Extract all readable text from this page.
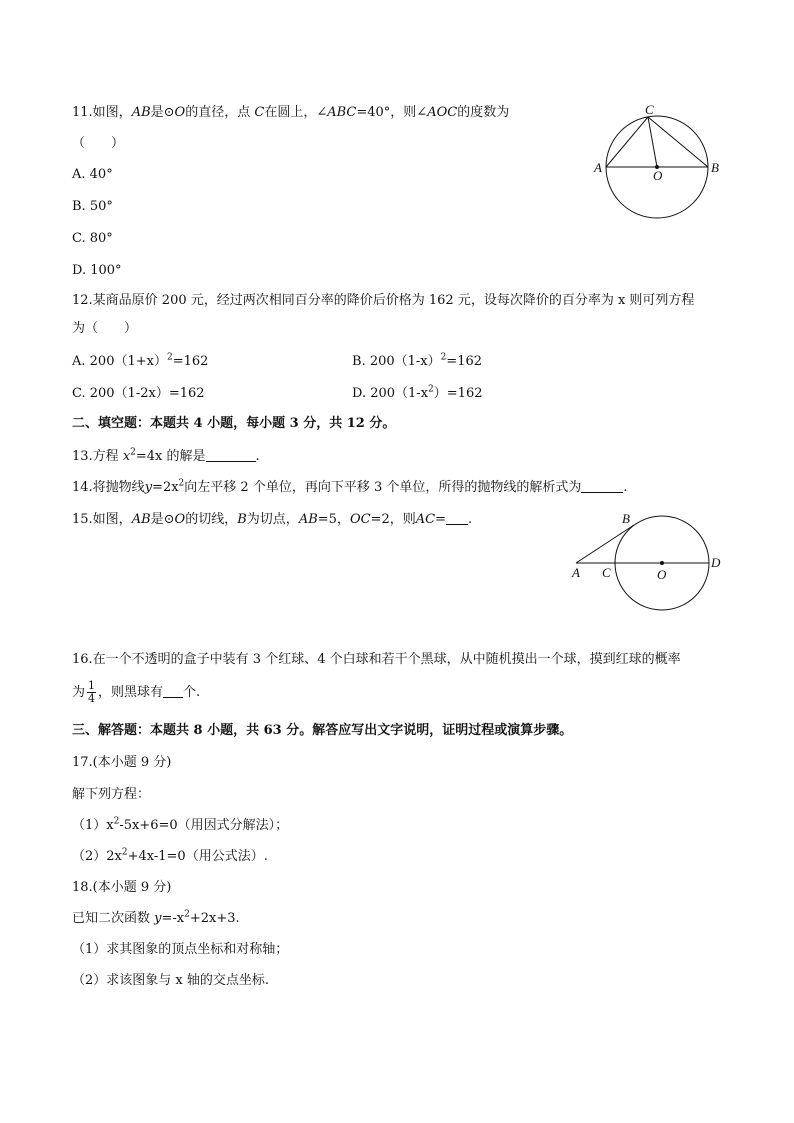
11.如图，AB是⊙O的直径，点 C在圆上，∠ABC=40°，则∠AOC的度数为
（　　）
A. 40°
B. 50°
C. 80°
D. 100°
C
A
O
B
12.某商品原价 200 元，经过两次相同百分率的降价后价格为 162 元，设每次降价的百分率为 x 则可列方程
为（　　）
A. $200(1+x)^2=162$	B. $200(1-x)^2=162$
C. 200（1-2x）=162	D. $200(1-x^2)=162$
二、填空题：本题共 4 小题，每小题 3 分，共 12 分。
13.方程 $x^2=4x$ 的解是	.
14.将抛物线$y=2x^2$向左平移 2 个单位，再向下平移 3 个单位，所得的抛物线的解析式为	.
15.如图，AB是⊙O的切线，B为切点，AB=5，OC=2，则AC= .	B
A C	O
D
16.在一个不透明的盒子中装有 3 个红球、4 个白球和若干个黑球，从中随机摸出一个球，摸到红球的概率
为 $\frac{1}{4}$ ，则黑球有 个.
三、解答题：本题共 8 小题，共 63 分。解答应写出文字说明，证明过程或演算步骤。
17.(本小题 9 分)
解下列方程：
$(1)x^2-5x+6=0$（用因式分解法）；
$(2)2x^2+4x-1=0$（用公式法）.
18.(本小题 9 分)
已知二次函数 $y=-x^2+2x+3$.
（1）求其图象的顶点坐标和对称轴；
（2）求该图象与 x 轴的交点坐标.
